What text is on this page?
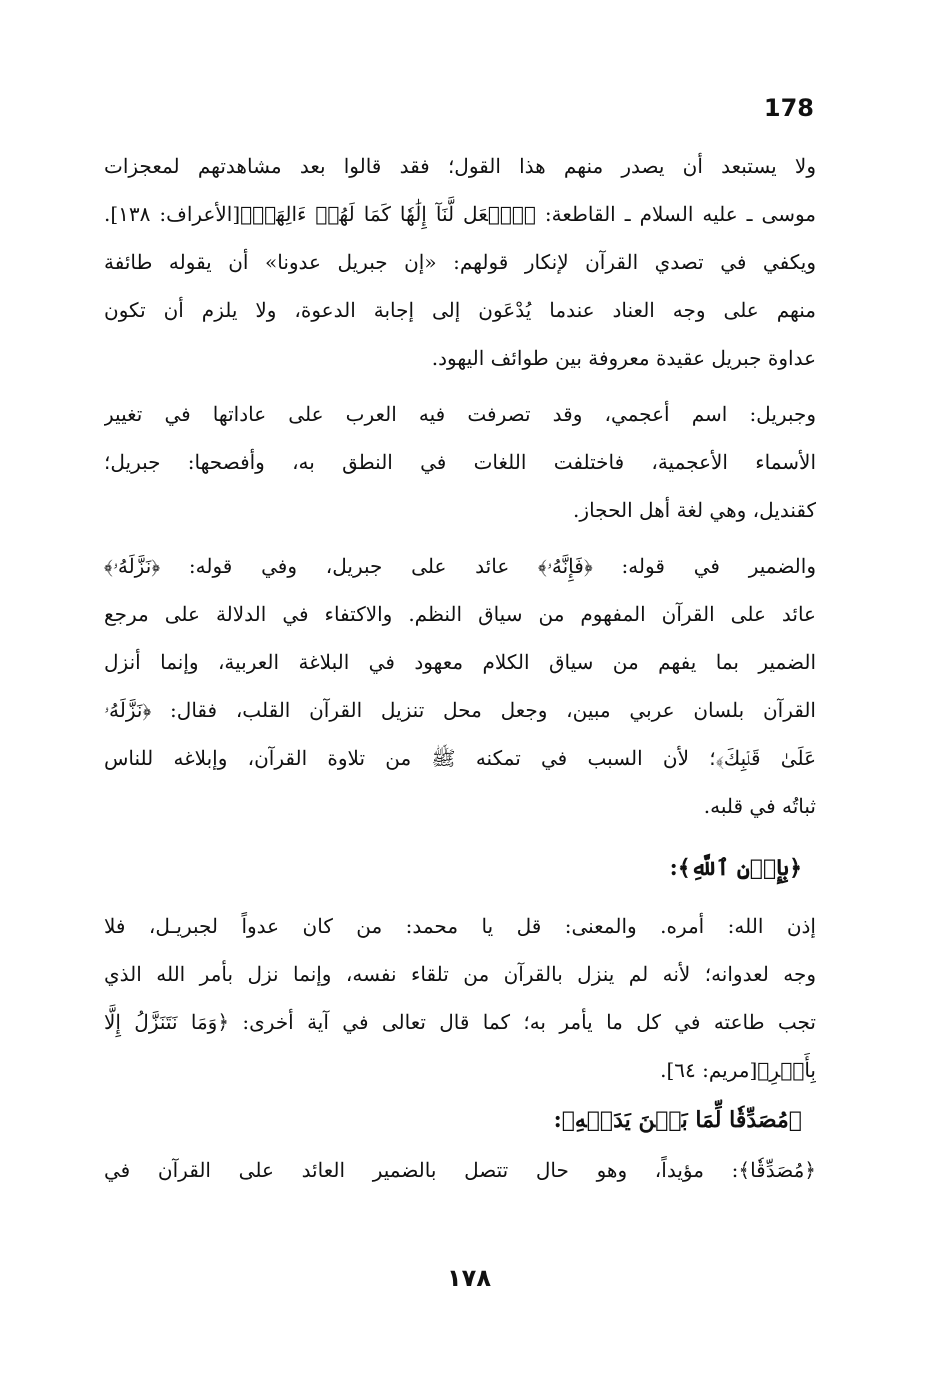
178
ولا يستبعد أن يصدر منهم هذا القول؛ فقد قالوا بعد مشاهدتهم لمعجزات
موسى ـ عليه السلام ـ القاطعة: ﴿ٱجۡعَل لَّنَآ إِلَٰهٗا كَمَا لَهُمۡ ءَالِهَةٞ﴾[الأعراف: ١٣٨].
ويكفي في تصدي القرآن لإنكار قولهم: «إن جبريل عدونا» أن يقوله طائفة
منهم على وجه العناد عندما يُدْعَون إلى إجابة الدعوة، ولا يلزم أن تكون
عداوة جبريل عقيدة معروفة بين طوائف اليهود.
وجبريل: اسم أعجمي، وقد تصرفت فيه العرب على عاداتها في تغيير
الأسماء الأعجمية، فاختلفت اللغات في النطق به، وأفصحها: جبريل؛
كقنديل، وهي لغة أهل الحجاز.
والضمير في قوله: ﴿فَإِنَّهُۥ﴾ عائد على جبريل، وفي قوله: ﴿نَزَّلَهُۥ﴾
عائد على القرآن المفهوم من سياق النظم. والاكتفاء في الدلالة على مرجع
الضمير بما يفهم من سياق الكلام معهود في البلاغة العربية، وإنما أنزل
القرآن بلسان عربي مبين، وجعل محل تنزيل القرآن القلب، فقال: ﴿نَزَّلَهُۥ
عَلَىٰ قَلۡبِكَ﴾؛ لأن السبب في تمكنه ﷺ من تلاوة القرآن، وإبلاغه للناس
ثباتُه في قلبه.
﴿بِإِذۡنِ ٱللَّهِ﴾:
إذن الله: أمره. والمعنى: قل يا محمد: من كان عدواً لجبريـل، فلا
وجه لعدوانه؛ لأنه لم ينزل بالقرآن من تلقاء نفسه، وإنما نزل بأمر الله الذي
تجب طاعته في كل ما يأمر به؛ كما قال تعالى في آية أخرى: ﴿وَمَا نَتَنَزَّلُ إِلَّا
بِأَمۡرِ﴾[مريم: ٦٤].
﴿مُصَدِّقٗا لِّمَا بَيۡنَ يَدَيۡهِ﴾:
﴿مُصَدِّقٗا﴾: مؤيداً، وهو حال تتصل بالضمير العائد على القرآن في
١٧٨
